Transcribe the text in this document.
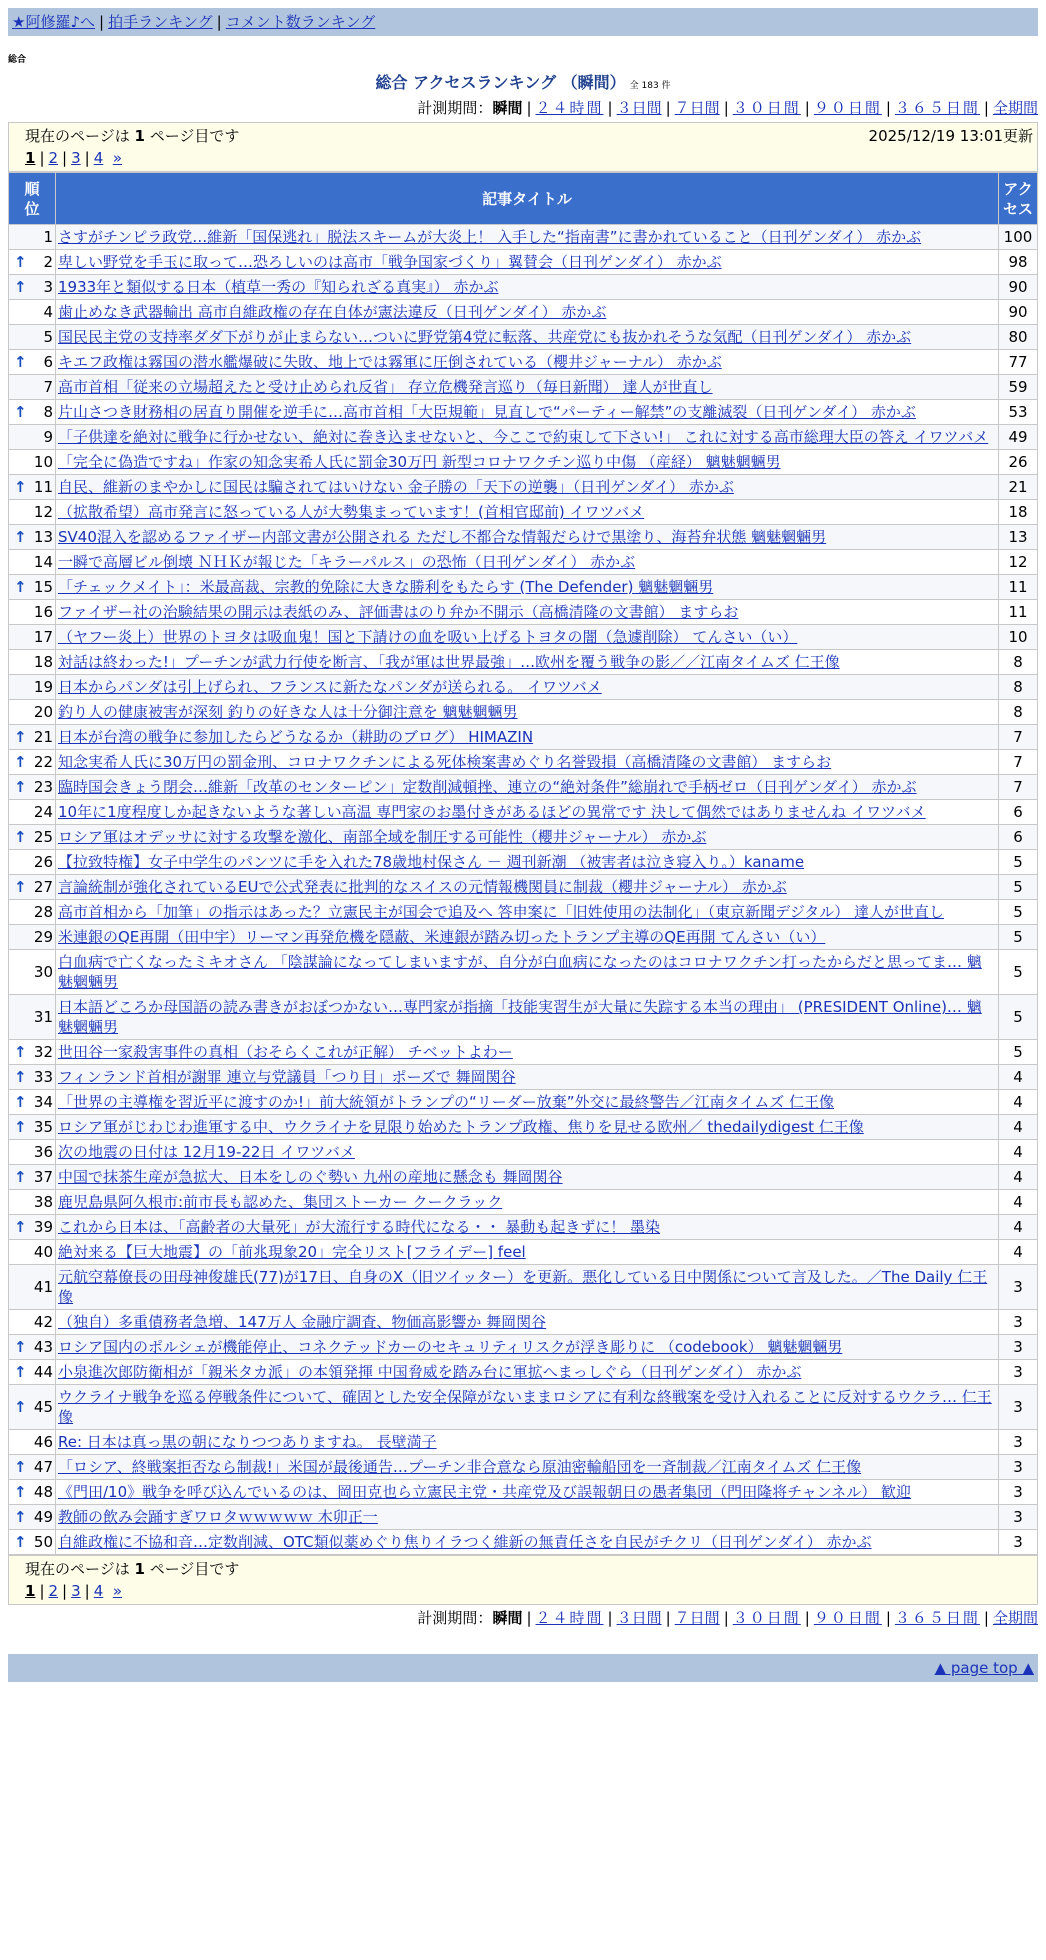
★阿修羅♪へ | 拍手ランキング | コメント数ランキング
総合
総合 アクセスランキング （瞬間） 全 183 件
計測期間：瞬間 | ２４時間 | ３日間 | ７日間 | ３０日間 | ９０日間 | ３６５日間 | 全期間
現在のページは 1 ページ目です	2025/12/19 13:01更新
1 | 2 | 3 | 4 »
順位	記事タイトル	アクセス
1	さすがチンピラ政党…維新「国保逃れ」脱法スキームが大炎上！ 入手した“指南書”に書かれていること（日刊ゲンダイ） 赤かぶ	100

↑ 2	卑しい野党を手玉に取って…恐ろしいのは高市「戦争国家づくり」翼賛会（日刊ゲンダイ） 赤かぶ	98

↑ 3	1933年と類似する日本（植草一秀の『知られざる真実』） 赤かぶ	90
4	歯止めなき武器輸出 高市自維政権の存在自体が憲法違反（日刊ゲンダイ） 赤かぶ	90
5	国民民主党の支持率ダダ下がりが止まらない…ついに野党第4党に転落、共産党にも抜かれそうな気配（日刊ゲンダイ） 赤かぶ	80

↑ 6	キエフ政権は霧国の潜水艦爆破に失敗、地上では霧軍に圧倒されている（櫻井ジャーナル） 赤かぶ	77
7	高市首相「従来の立場超えたと受け止められ反省」 存立危機発言巡り（毎日新聞） 達人が世直し	59

↑ 8	片山さつき財務相の居直り開催を逆手に…高市首相「大臣規範」見直しで“パーティー解禁”の支離滅裂（日刊ゲンダイ） 赤かぶ	53
9	「子供達を絶対に戦争に行かせない、絶対に巻き込ませないと、今ここで約束して下さい!」 これに対する高市総理大臣の答え イワツバメ	49
10	「完全に偽造ですね」作家の知念実希人氏に罰金30万円 新型コロナワクチン巡り中傷 （産経） 魑魅魍魎男	26

↑ 11	自民、維新のまやかしに国民は騙されてはいけない 金子勝の「天下の逆襲」（日刊ゲンダイ） 赤かぶ	21
12	（拡散希望）高市発言に怒っている人が大勢集まっています！(首相官邸前) イワツバメ	18

↑ 13	SV40混入を認めるファイザー内部文書が公開される ただし不都合な情報だらけで黒塗り、海苔弁状態 魑魅魍魎男	13
14	一瞬で高層ビル倒壊 ＮＨＫが報じた「キラーパルス」の恐怖（日刊ゲンダイ） 赤かぶ	12

↑ 15	「チェックメイト」：米最高裁、宗教的免除に大きな勝利をもたらす (The Defender) 魑魅魍魎男	11
16	ファイザー社の治験結果の開示は表紙のみ、評価書はのり弁か不開示（高橋清隆の文書館） ますらお	11
17	（ヤフー炎上）世界のトヨタは吸血鬼！国と下請けの血を吸い上げるトヨタの闇（急遽削除） てんさい（い）	10
18	対話は終わった!」プーチンが武力行使を断言、「我が軍は世界最強」…欧州を覆う戦争の影／／江南タイムズ 仁王像	8
19	日本からパンダは引上げられ、フランスに新たなパンダが送られる。 イワツバメ	8
20	釣り人の健康被害が深刻 釣りの好きな人は十分御注意を 魑魅魍魎男	8

↑ 21	日本が台湾の戦争に参加したらどうなるか（耕助のブログ） HIMAZIN	7

↑ 22	知念実希人氏に30万円の罰金刑、コロナワクチンによる死体検案書めぐり名誉毀損（高橋清隆の文書館） ますらお	7

↑ 23	臨時国会きょう閉会…維新「改革のセンターピン」定数削減頓挫、連立の“絶対条件”総崩れで手柄ゼロ（日刊ゲンダイ） 赤かぶ	7
24	10年に1度程度しか起きないような著しい高温 専門家のお墨付きがあるほどの異常です 決して偶然ではありませんね イワツバメ	6

↑ 25	ロシア軍はオデッサに対する攻撃を激化、南部全域を制圧する可能性（櫻井ジャーナル） 赤かぶ	6
26	【拉致特権】女子中学生のパンツに手を入れた78歳地村保さん － 週刊新潮 （被害者は泣き寝入り。）kaname	5

↑ 27	言論統制が強化されているEUで公式発表に批判的なスイスの元情報機関員に制裁（櫻井ジャーナル） 赤かぶ	5
28	高市首相から「加筆」の指示はあった？立憲民主が国会で追及へ 答申案に「旧姓使用の法制化」（東京新聞デジタル） 達人が世直し	5
29	米連銀のQE再開（田中宇）リーマン再発危機を隠蔽、米連銀が踏み切ったトランプ主導のQE再開 てんさい（い）	5
30	白血病で亡くなったミキオさん 「陰謀論になってしまいますが、自分が白血病になったのはコロナワクチン打ったからだと思ってま… 魑魅魍魎男	5
31	日本語どころか母国語の読み書きがおぼつかない…専門家が指摘「技能実習生が大量に失踪する本当の理由」 (PRESIDENT Online)… 魑魅魍魎男	5

↑ 32	世田谷一家殺害事件の真相（おそらくこれが正解） チベットよわー	5

↑ 33	フィンランド首相が謝罪 連立与党議員「つり目」ポーズで 舞岡関谷	4

↑ 34	「世界の主導権を習近平に渡すのか!」前大統領がトランプの“リーダー放棄”外交に最終警告／江南タイムズ 仁王像	4

↑ 35	ロシア軍がじわじわ進軍する中、ウクライナを見限り始めたトランプ政権、焦りを見せる欧州／ thedailydigest 仁王像	4
36	次の地震の日付は 12月19-22日 イワツバメ	4

↑ 37	中国で抹茶生産が急拡大、日本をしのぐ勢い 九州の産地に懸念も 舞岡関谷	4
38	鹿児島県阿久根市:前市長も認めた、集団ストーカー クークラック	4

↑ 39	これから日本は、「高齢者の大量死」が大流行する時代になる・・ 暴動も起きずに！ 墨染	4
40	絶対来る【巨大地震】の「前兆現象20」完全リスト[フライデー] feel	4
41	元航空幕僚長の田母神俊雄氏(77)が17日、自身のX（旧ツイッター）を更新。悪化している日中関係について言及した。／The Daily 仁王像	3
42	（独自）多重債務者急増、147万人 金融庁調査、物価高影響か 舞岡関谷	3

↑ 43	ロシア国内のポルシェが機能停止、コネクテッドカーのセキュリティリスクが浮き彫りに （codebook） 魑魅魍魎男	3

↑ 44	小泉進次郎防衛相が「親米タカ派」の本領発揮 中国脅威を踏み台に軍拡へまっしぐら（日刊ゲンダイ） 赤かぶ	3

↑ 45	ウクライナ戦争を巡る停戦条件について、確固とした安全保障がないままロシアに有利な終戦案を受け入れることに反対するウクラ… 仁王像	3
46	Re: 日本は真っ黒の朝になりつつありますね。 長壁満子	3

↑ 47	「ロシア、終戦案拒否なら制裁!」米国が最後通告…プーチン非合意なら原油密輸船団を一斉制裁／江南タイムズ 仁王像	3

↑ 48	《門田/10》戦争を呼び込んでいるのは、岡田克也ら立憲民主党・共産党及び誤報朝日の愚者集団（門田隆将チャンネル） 歓迎	3

↑ 49	教師の飲み会踊すぎワロタｗｗｗｗｗ 木卯正一	3

↑ 50	自維政権に不協和音…定数削減、OTC類似薬めぐり焦りイラつく維新の無責任さを自民がチクリ（日刊ゲンダイ） 赤かぶ	3
現在のページは 1 ページ目です
1 | 2 | 3 | 4 »
計測期間：瞬間 | ２４時間 | ３日間 | ７日間 | ３０日間 | ９０日間 | ３６５日間 | 全期間
▲ page top ▲
